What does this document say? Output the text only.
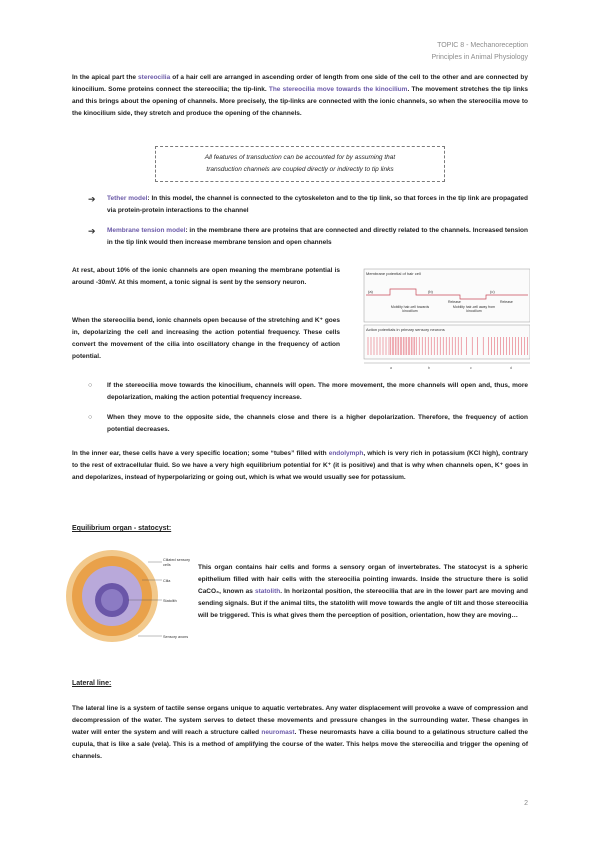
TOPIC 8 - Mechanoreception
Principles in Animal Physiology

In the apical part the stereocilia of a hair cell are arranged in ascending order of length from one side of the cell to the other and are connected by kinocilium. Some proteins connect the stereocilia; the tip-link. The stereocilia move towards the kinocilium. The movement stretches the tip links and this brings about the opening of channels. More precisely, the tip-links are connected with the ionic channels, so when the stereocilia move to the kinocilium side, they stretch and produce the opening of the channels.

All features of transduction can be accounted for by assuming that
transduction channels are coupled directly or indirectly to tip links
➔ Tether model: In this model, the channel is connected to the cytoskeleton and to the tip link, so that forces in the tip link are propagated via protein-protein interactions to the channel

➔ Membrane tension model: in the membrane there are proteins that are connected and directly related to the channels. Increased tension in the tip link would then increase membrane tension and open channels

At rest, about 10% of the ionic channels are open meaning the membrane potential is around -30mV. At this moment, a tonic signal is sent by the sensory neuron.

When the stereocilia bend, ionic channels open because of the stretching and K⁺ goes in, depolarizing the cell and increasing the action potential frequency. These cells convert the movement of the cilia into oscillatory change in the frequency of action potential.

Membrane potential of hair cell
(a)	(b)	(c)
Release	Release
Mobility hair-cell towards kinocilium
Mobility hair-cell away from kinocilium
Action potentials in primary sensory neurons
a	b	c	d
○ If the stereocilia move towards the kinocilium, channels will open. The more movement, the more channels will open and, thus, more depolarization, making the action potential frequency increase.

○ When they move to the opposite side, the channels close and there is a higher depolarization. Therefore, the frequency of action potential decreases.

In the inner ear, these cells have a very specific location; some “tubes” filled with endolymph, which is very rich in potassium (KCl high), contrary to the rest of extracellular fluid. So we have a very high equilibrium potential for K⁺ (it is positive) and that is why when channels open, K⁺ goes in and depolarizes, instead of hyperpolarizing or going out, which is what we would usually see for potassium.

Equilibrium organ - statocyst:
Ciliated sensory cells
Cilia
Statolith
Sensory axons

This organ contains hair cells and forms a sensory organ of invertebrates. The statocyst is a spheric epithelium filled with hair cells with the stereocilia pointing inwards. Inside the structure there is solid CaCO₃, known as statolith. In horizontal position, the stereocilia that are in the lower part are moving and sending signals. But if the animal tilts, the statolith will move towards the angle of tilt and those stereocilia will be triggered. This is what gives them the perception of position, orientation, how they are moving…

Lateral line:

The lateral line is a system of tactile sense organs unique to aquatic vertebrates. Any water displacement will provoke a wave of compression and decompression of the water. The system serves to detect these movements and pressure changes in the surrounding water. These changes in water will enter the system and will reach a structure called neuromast. These neuromasts have a cilia bound to a gelatinous structure called the cupula, that is like a sale (vela). This is a method of amplifying the course of the water. This helps move the stereocilia and trigger the opening of channels.

2
